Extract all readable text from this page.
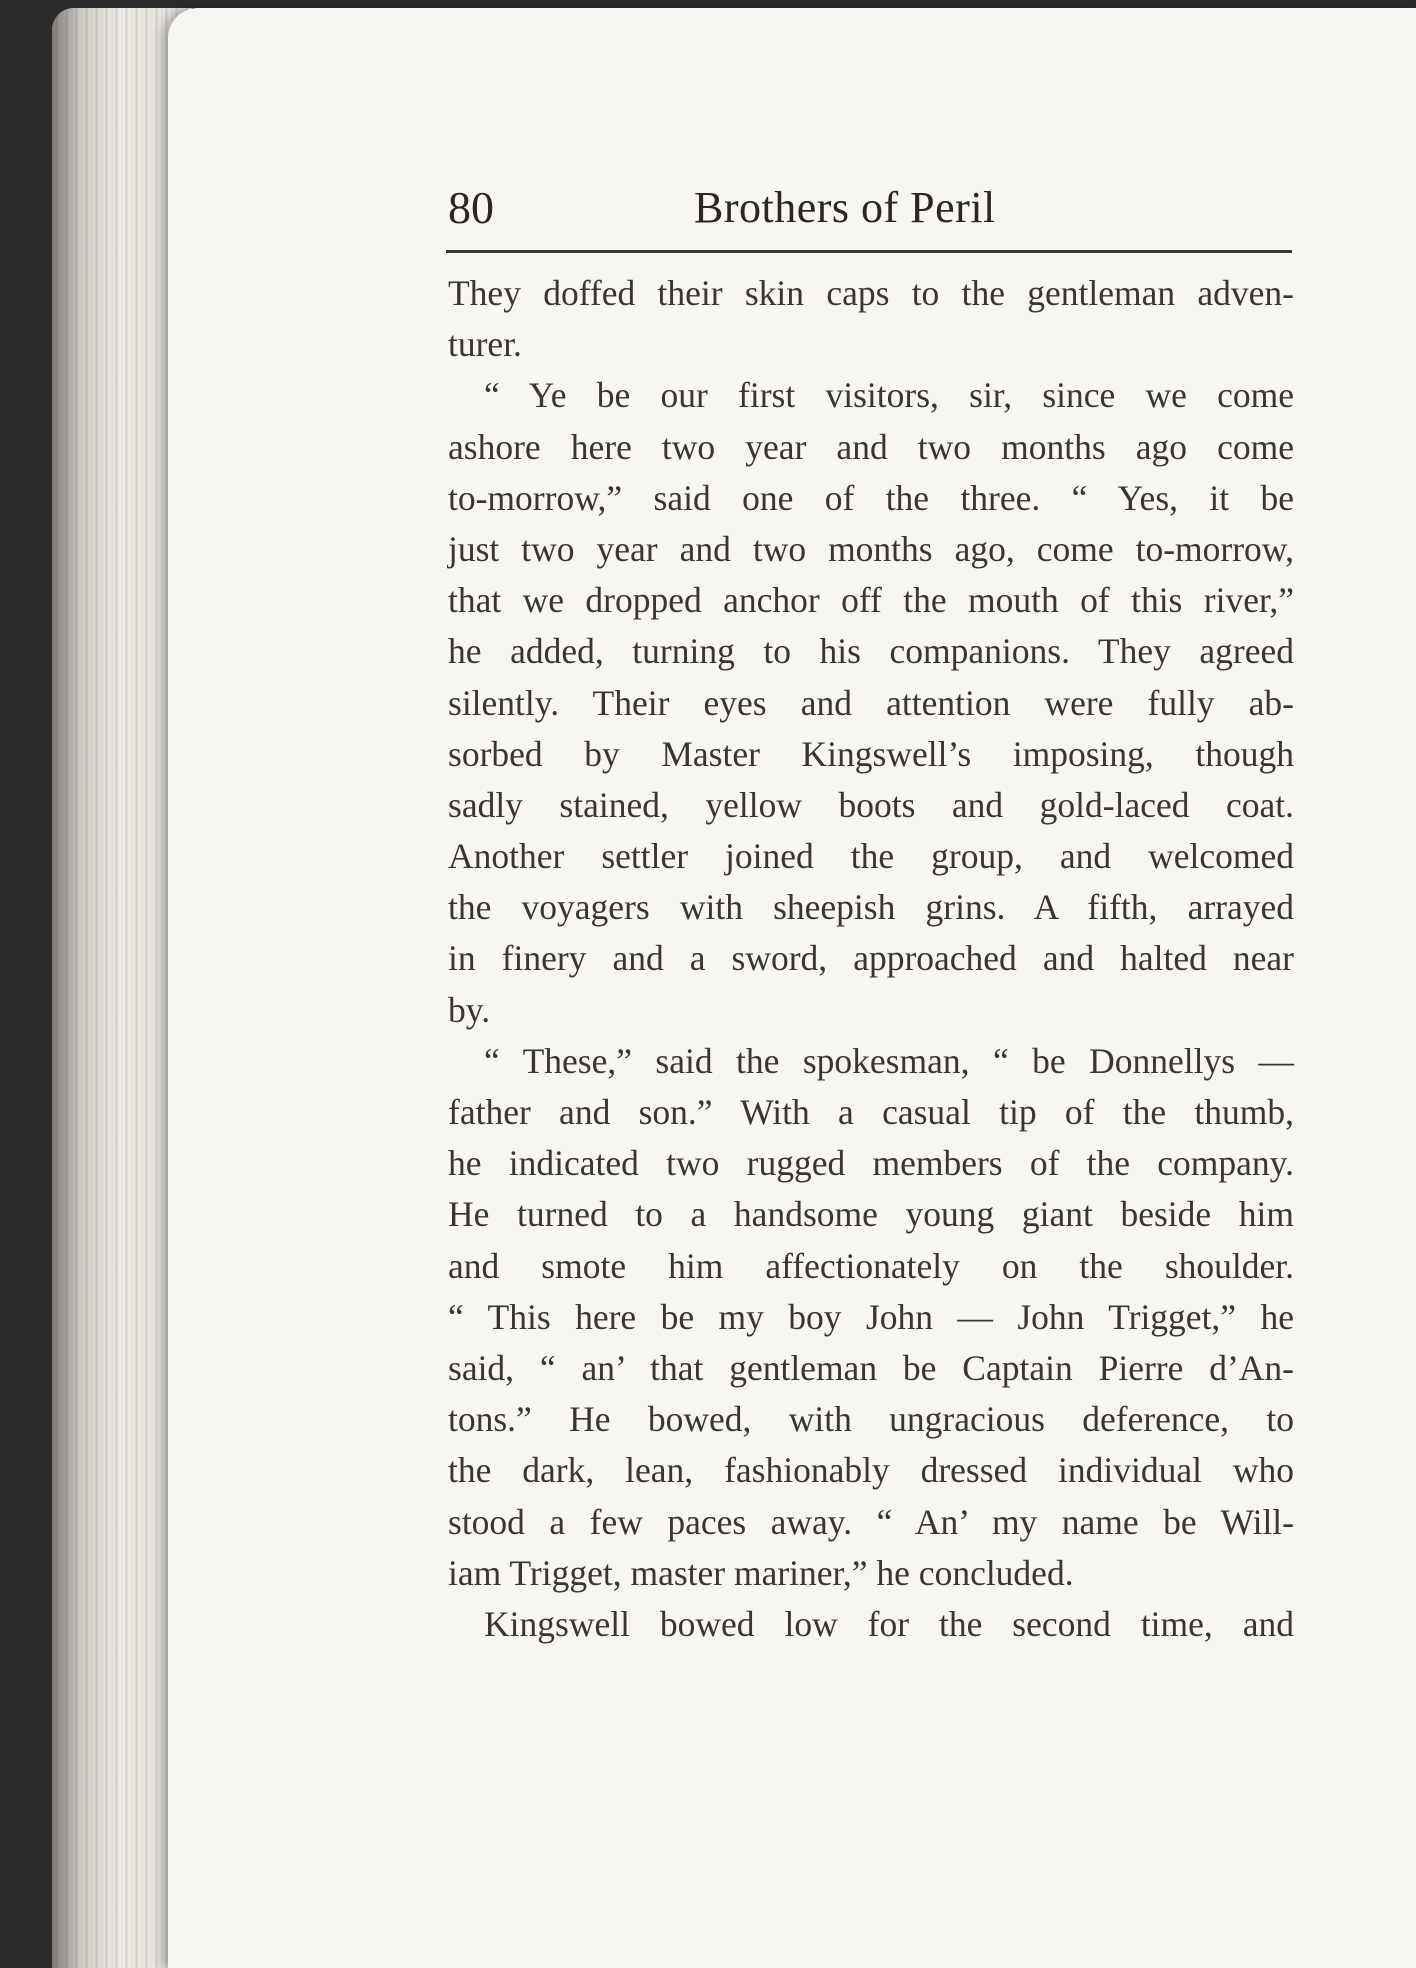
80	Brothers of Peril
They doffed their skin caps to the gentleman adven-
turer.
“ Ye be our first visitors, sir, since we come
ashore here two year and two months ago come
to-morrow,” said one of the three. “ Yes, it be
just two year and two months ago, come to-morrow,
that we dropped anchor off the mouth of this river,”
he added, turning to his companions. They agreed
silently. Their eyes and attention were fully ab-
sorbed by Master Kingswell’s imposing, though
sadly stained, yellow boots and gold-laced coat.
Another settler joined the group, and welcomed
the voyagers with sheepish grins. A fifth, arrayed
in finery and a sword, approached and halted near
by.
“ These,” said the spokesman, “ be Donnellys —
father and son.” With a casual tip of the thumb,
he indicated two rugged members of the company.
He turned to a handsome young giant beside him
and smote him affectionately on the shoulder.
“ This here be my boy John — John Trigget,” he
said, “ an’ that gentleman be Captain Pierre d’An-
tons.” He bowed, with ungracious deference, to
the dark, lean, fashionably dressed individual who
stood a few paces away. “ An’ my name be Will-
iam Trigget, master mariner,” he concluded.
Kingswell bowed low for the second time, and
